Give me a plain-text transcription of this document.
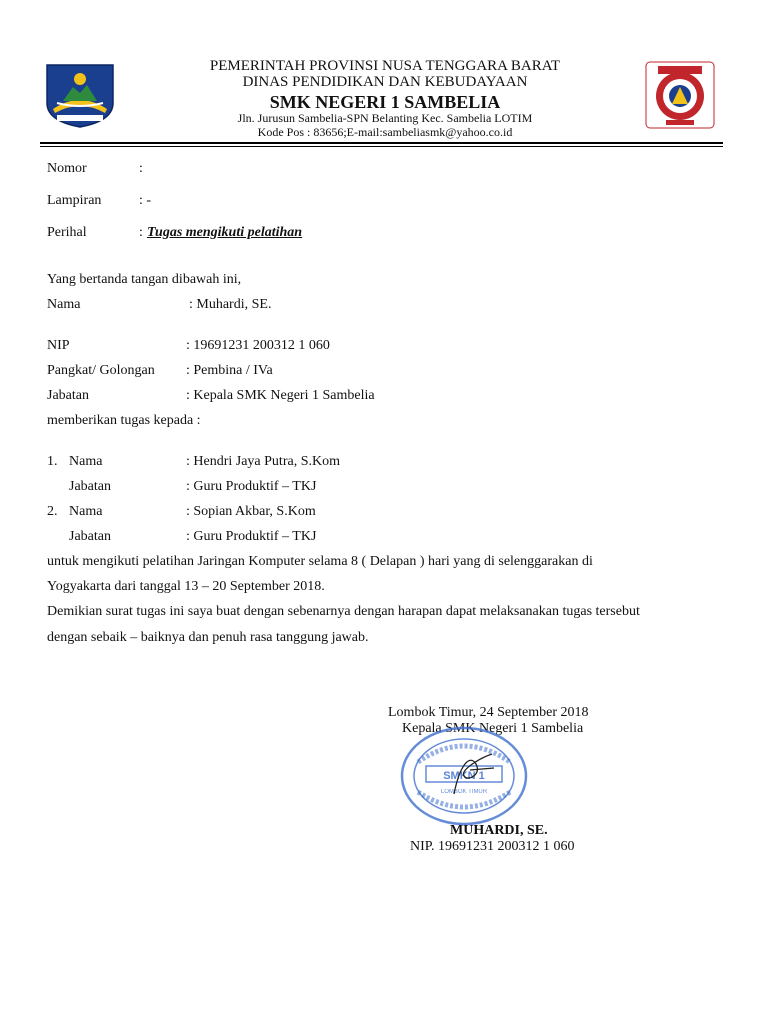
PEMERINTAH PROVINSI NUSA TENGGARA BARAT
DINAS PENDIDIKAN DAN KEBUDAYAAN
SMK NEGERI 1 SAMBELIA
Jln. Jurusun Sambelia-SPN Belanting Kec. Sambelia LOTIM
Kode Pos : 83656;E-mail:sambeliasmk@yahoo.co.id
Nomor	:
Lampiran	: -
Perihal	: Tugas mengikuti pelatihan
Yang bertanda tangan dibawah ini,
Nama	: Muhardi, SE.
NIP	: 19691231 200312 1 060
Pangkat/ Golongan : Pembina / IVa
Jabatan	: Kepala SMK Negeri 1 Sambelia
memberikan tugas kepada :
1. Nama	: Hendri Jaya Putra, S.Kom
Jabatan	: Guru Produktif – TKJ
2. Nama	: Sopian Akbar, S.Kom
Jabatan	: Guru Produktif – TKJ
untuk mengikuti pelatihan Jaringan Komputer selama 8 ( Delapan ) hari yang di selenggarakan di
Yogyakarta dari tanggal 13 – 20 September 2018.
Demikian surat tugas ini saya buat dengan sebenarnya dengan harapan dapat melaksanakan tugas tersebut
dengan sebaik – baiknya dan penuh rasa tanggung jawab.
Lombok Timur, 24 September 2018
Kepala SMK Negeri 1 Sambelia
SMKN 1
LOMBOK TIMUR
MUHARDI, SE.
NIP. 19691231 200312 1 060
